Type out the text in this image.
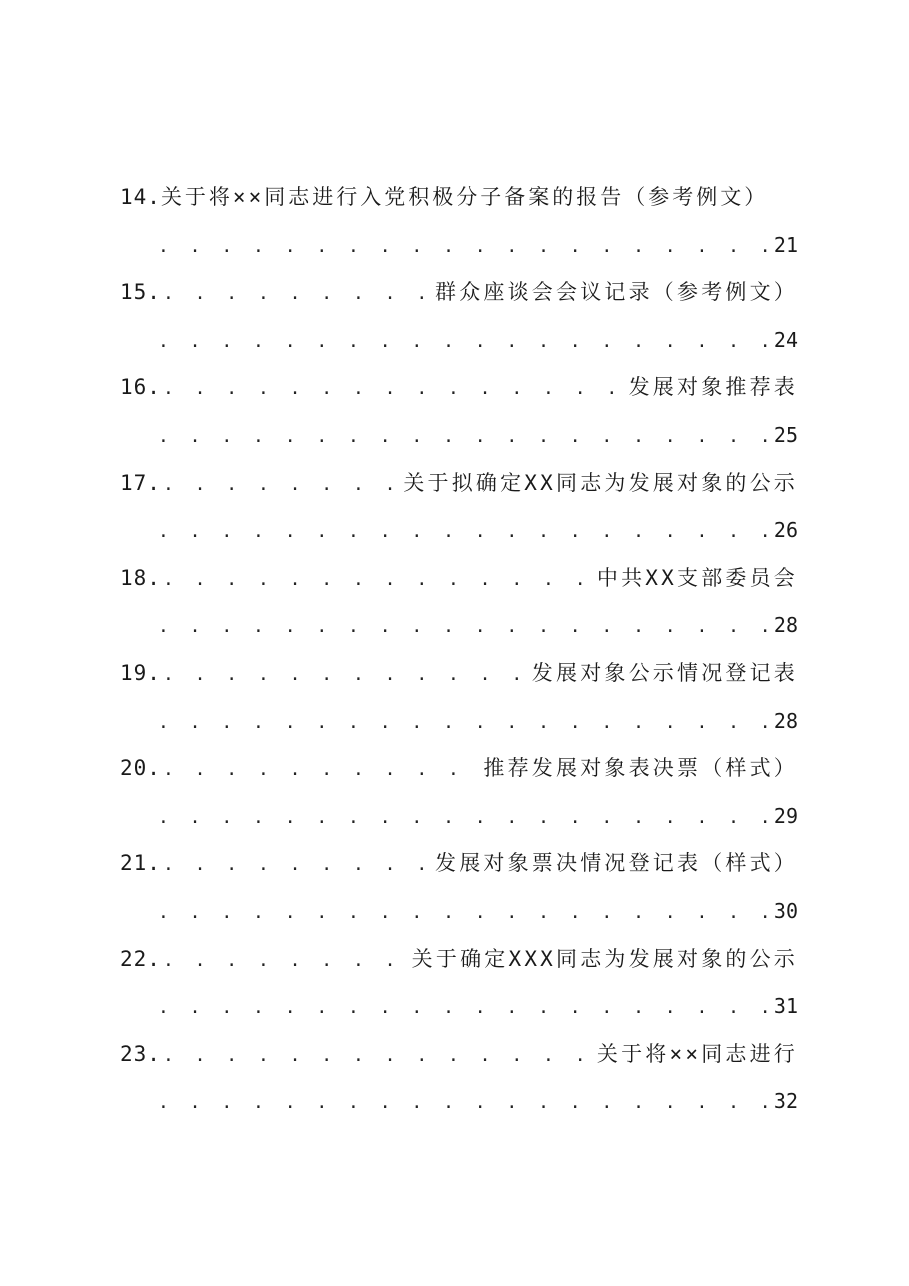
14. 关于将××同志进行入党积极分子备案的报告（参考例文）
. . .
21
15. . . .	群众座谈会会议记录（参考例文）
. . .
24
16. . . .	发展对象推荐表
. . .
25
17. . . .	关于拟确定XX同志为发展对象的公示
. . .
26
18. . . .	中共XX支部委员会
. . .
28
19. . . .	发展对象公示情况登记表
. . .
28
20. . . .	推荐发展对象表决票（样式）
. . .
29
21. . . .	发展对象票决情况登记表（样式）
. . .
30
22. . . .	关于确定XXX同志为发展对象的公示
. . .
31
23. . . .	关于将××同志进行
. . .
32
